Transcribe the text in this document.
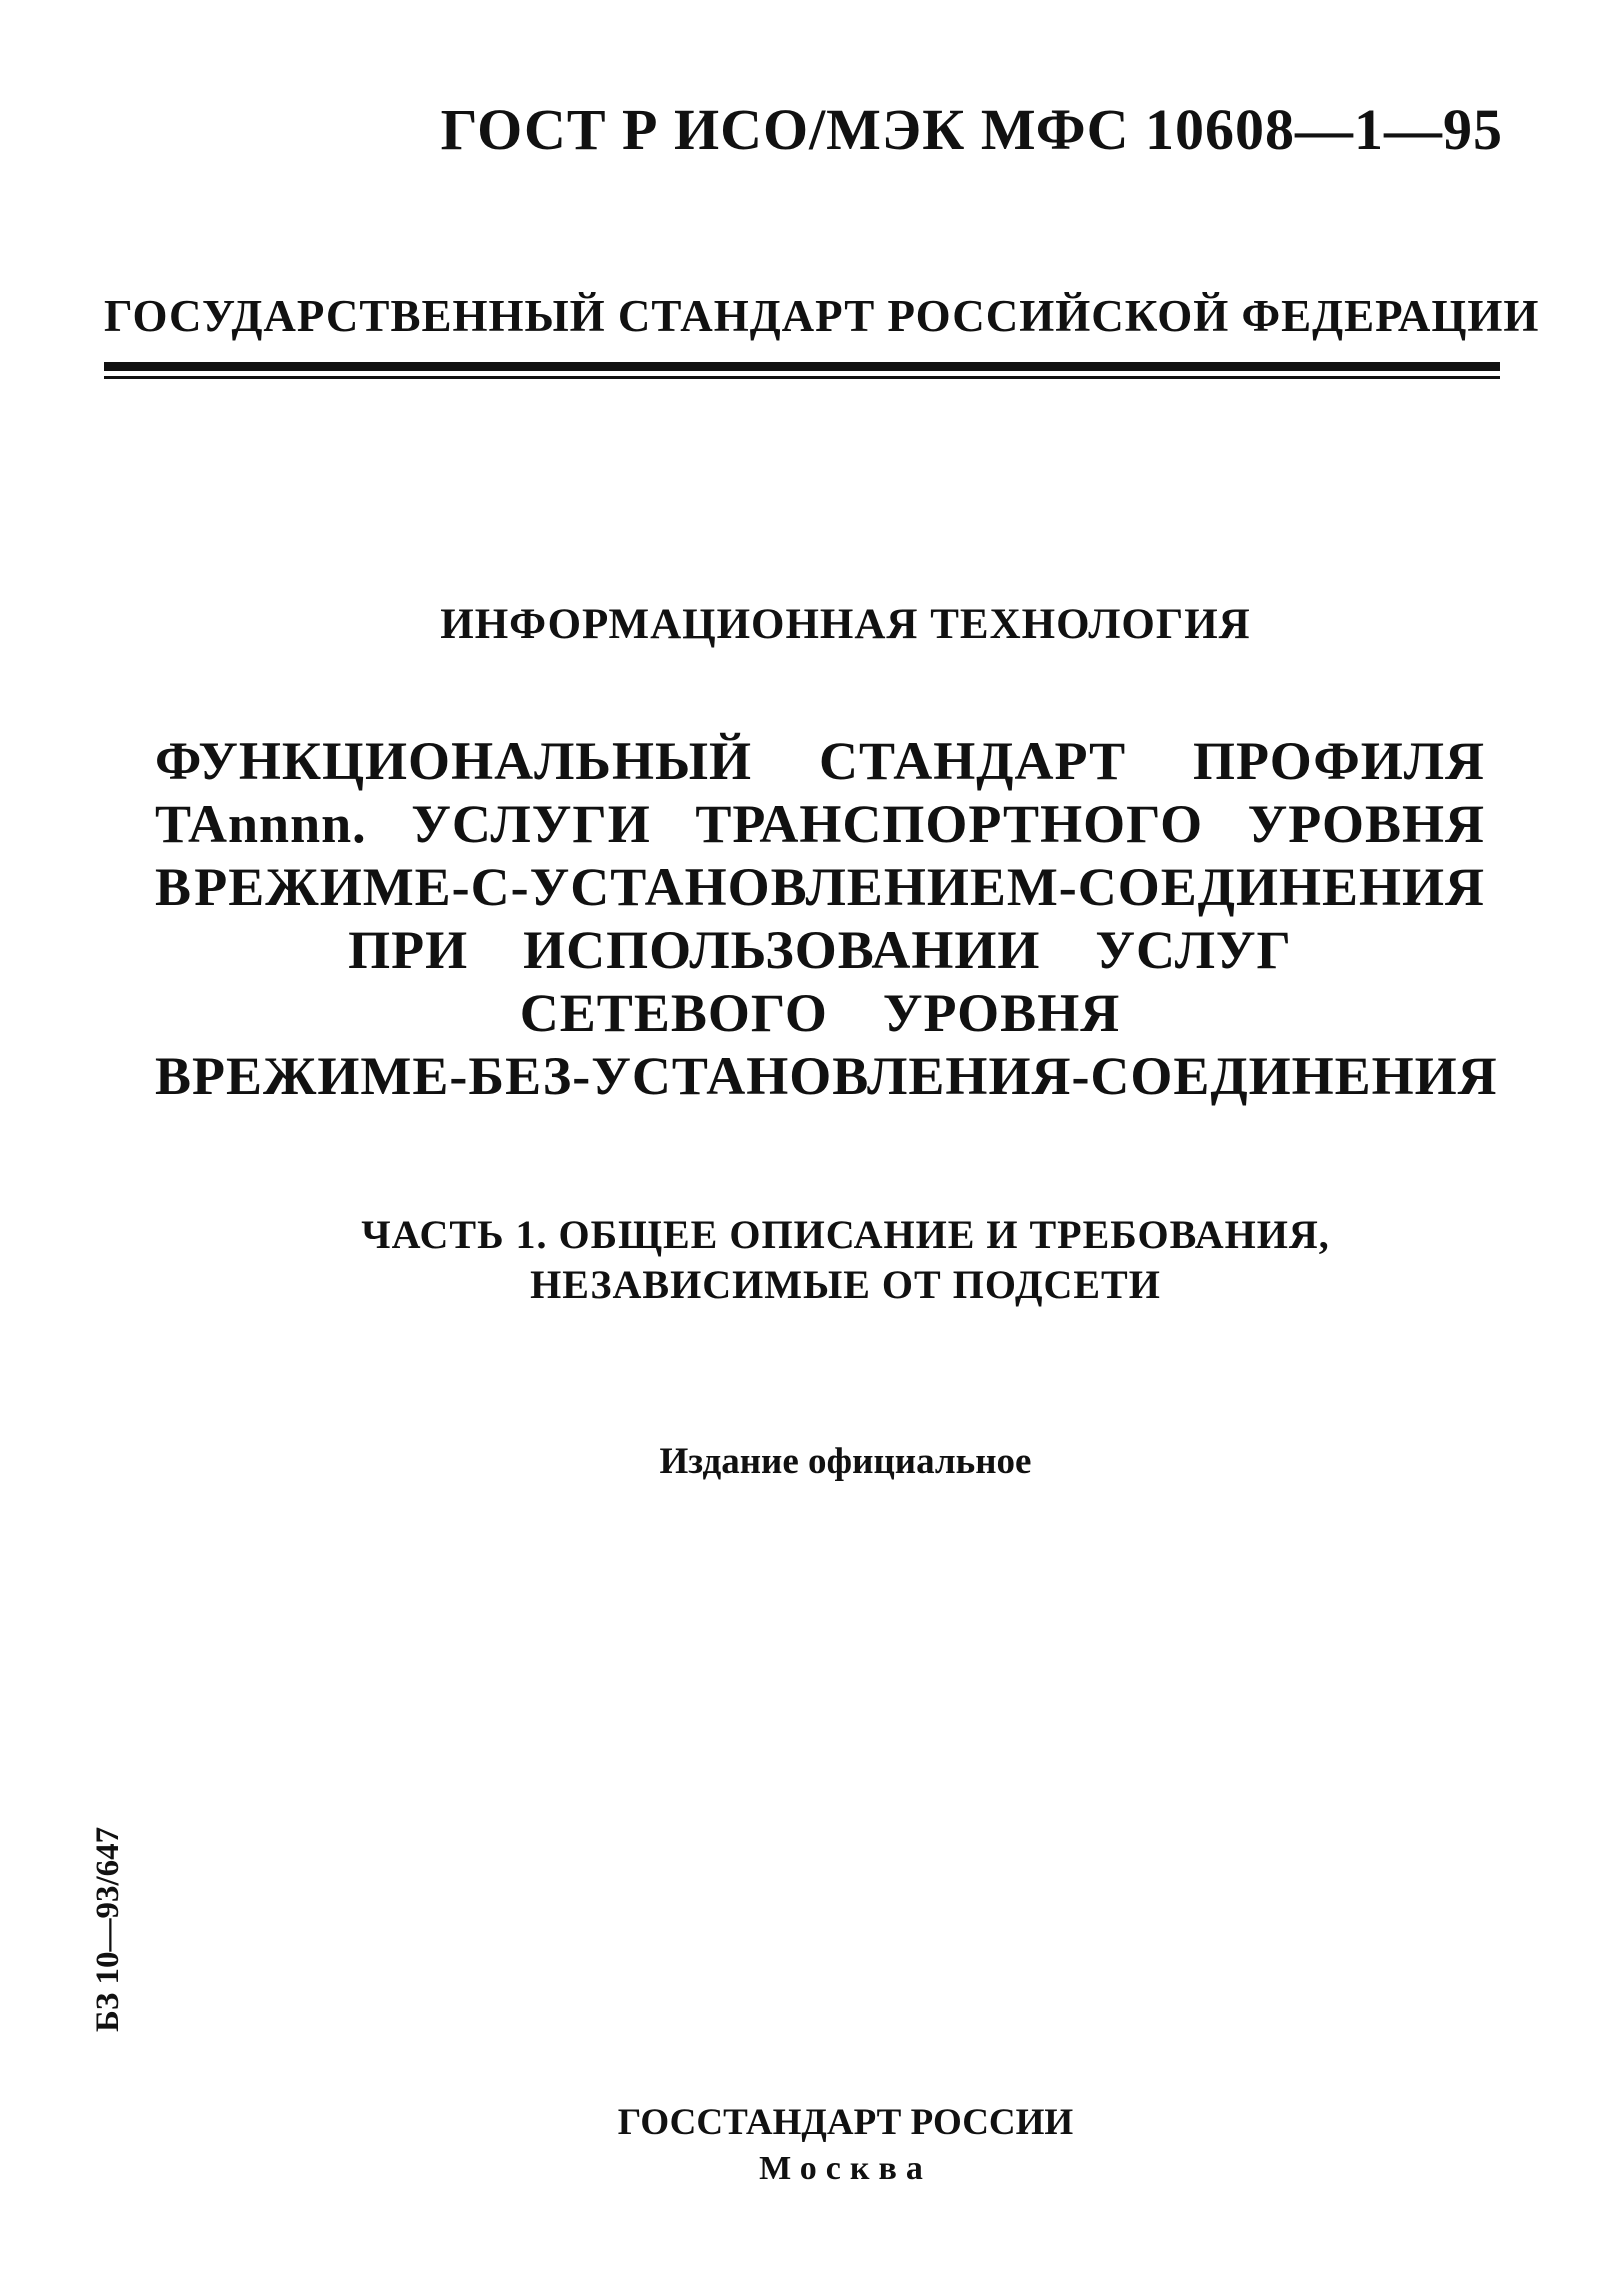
ГОСТ Р ИСО/МЭК МФС 10608—1—95
ГОСУДАРСТВЕННЫЙ СТАНДАРТ РОССИЙСКОЙ ФЕДЕРАЦИИ
ИНФОРМАЦИОННАЯ ТЕХНОЛОГИЯ
ФУНКЦИОНАЛЬНЫЙ СТАНДАРТ ПРОФИЛЯ
TAnnnn. УСЛУГИ ТРАНСПОРТНОГО УРОВНЯ
В РЕЖИМЕ-С-УСТАНОВЛЕНИЕМ-СОЕДИНЕНИЯ
ПРИ ИСПОЛЬЗОВАНИИ УСЛУГ
СЕТЕВОГО УРОВНЯ
В РЕЖИМЕ-БЕЗ-УСТАНОВЛЕНИЯ-СОЕДИНЕНИЯ
ЧАСТЬ 1. ОБЩЕЕ ОПИСАНИЕ И ТРЕБОВАНИЯ,
НЕЗАВИСИМЫЕ ОТ ПОДСЕТИ
Издание официальное
БЗ 10—93/647
ГОССТАНДАРТ РОССИИ
Москва
